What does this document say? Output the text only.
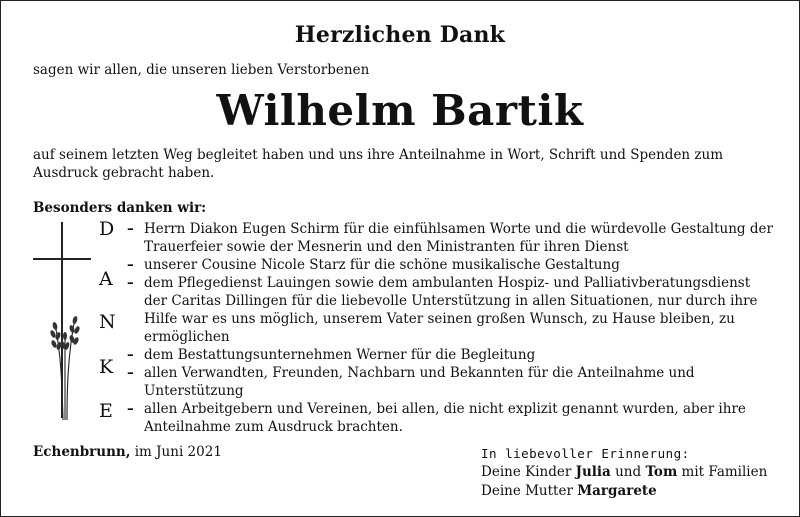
Herzlichen Dank
sagen wir allen, die unseren lieben Verstorbenen
Wilhelm Bartik
auf seinem letzten Weg begleitet haben und uns ihre Anteilnahme in Wort, Schrift und Spenden zum Ausdruck gebracht haben.
Besonders danken wir:
D
A
N
K
E
– Herrn Diakon Eugen Schirm für die einfühlsamen Worte und die würdevolle Gestaltung der Trauerfeier sowie der Mesnerin und den Ministranten für ihren Dienst
– unserer Cousine Nicole Starz für die schöne musikalische Gestaltung
– dem Pflegedienst Lauingen sowie dem ambulanten Hospiz- und Palliativberatungsdienst der Caritas Dillingen für die liebevolle Unterstützung in allen Situationen, nur durch ihre Hilfe war es uns möglich, unserem Vater seinen großen Wunsch, zu Hause bleiben, zu ermöglichen
– dem Bestattungsunternehmen Werner für die Begleitung
– allen Verwandten, Freunden, Nachbarn und Bekannten für die Anteilnahme und Unterstützung
– allen Arbeitgebern und Vereinen, bei allen, die nicht explizit genannt wurden, aber ihre Anteilnahme zum Ausdruck brachten.
Echenbrunn, im Juni 2021	In liebevoller Erinnerung:
Deine Kinder Julia und Tom mit Familien
Deine Mutter Margarete
